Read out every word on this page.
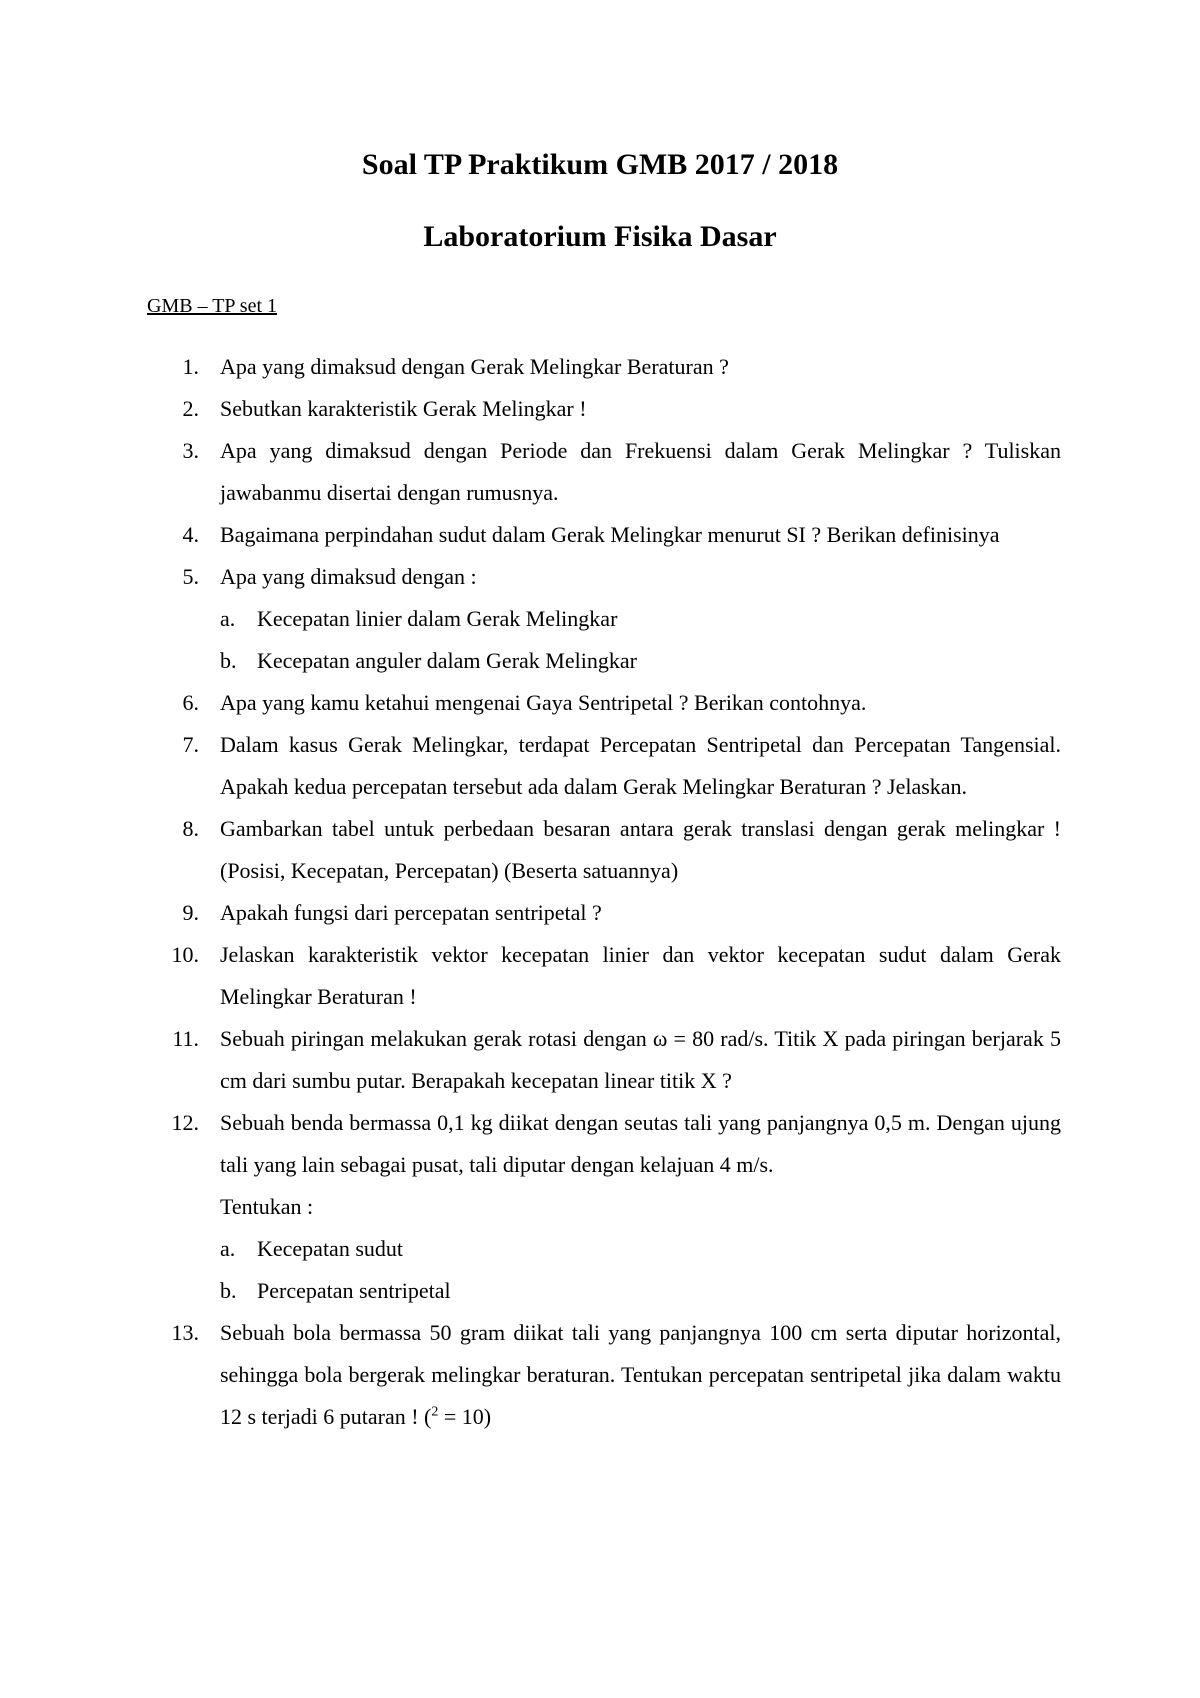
Soal TP Praktikum GMB 2017 / 2018
Laboratorium Fisika Dasar
GMB – TP set 1
1. Apa yang dimaksud dengan Gerak Melingkar Beraturan ?
2. Sebutkan karakteristik Gerak Melingkar !
3. Apa yang dimaksud dengan Periode dan Frekuensi dalam Gerak Melingkar ? Tuliskan jawabanmu disertai dengan rumusnya.
4. Bagaimana perpindahan sudut dalam Gerak Melingkar menurut SI ? Berikan definisinya
5. Apa yang dimaksud dengan :
a. Kecepatan linier dalam Gerak Melingkar
b. Kecepatan anguler dalam Gerak Melingkar
6. Apa yang kamu ketahui mengenai Gaya Sentripetal ? Berikan contohnya.
7. Dalam kasus Gerak Melingkar, terdapat Percepatan Sentripetal dan Percepatan Tangensial. Apakah kedua percepatan tersebut ada dalam Gerak Melingkar Beraturan ? Jelaskan.
8. Gambarkan tabel untuk perbedaan besaran antara gerak translasi dengan gerak melingkar ! (Posisi, Kecepatan, Percepatan) (Beserta satuannya)
9. Apakah fungsi dari percepatan sentripetal ?
10. Jelaskan karakteristik vektor kecepatan linier dan vektor kecepatan sudut dalam Gerak Melingkar Beraturan !
11. Sebuah piringan melakukan gerak rotasi dengan ω = 80 rad/s. Titik X pada piringan berjarak 5 cm dari sumbu putar. Berapakah kecepatan linear titik X ?
12. Sebuah benda bermassa 0,1 kg diikat dengan seutas tali yang panjangnya 0,5 m. Dengan ujung tali yang lain sebagai pusat, tali diputar dengan kelajuan 4 m/s.
Tentukan :
a. Kecepatan sudut
b. Percepatan sentripetal
13. Sebuah bola bermassa 50 gram diikat tali yang panjangnya 100 cm serta diputar horizontal, sehingga bola bergerak melingkar beraturan. Tentukan percepatan sentripetal jika dalam waktu 12 s terjadi 6 putaran ! ($^2$ = 10)
